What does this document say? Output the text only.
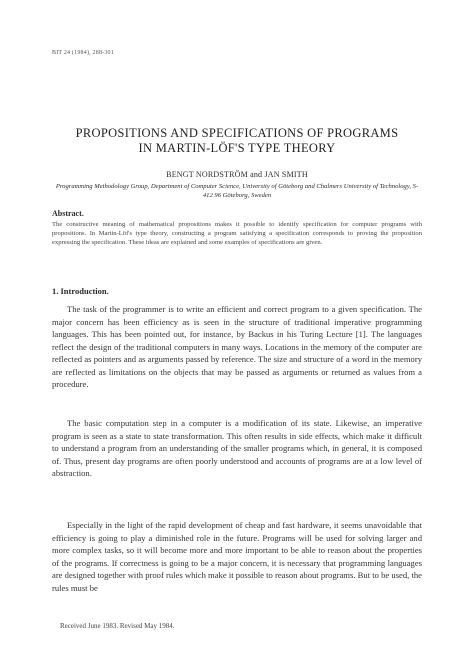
BIT 24 (1984), 288-301
PROPOSITIONS AND SPECIFICATIONS OF PROGRAMS
IN MARTIN-LÖF'S TYPE THEORY
BENGT NORDSTRÖM and JAN SMITH
Programming Methodology Group, Department of Computer Science, University of Göteborg and Chalmers University of Technology, S-412 96 Göteborg, Sweden
Abstract.
The constructive meaning of mathematical propositions makes it possible to identify specification for computer programs with propositions. In Martin-Löf's type theory, constructing a program satisfying a specification corresponds to proving the proposition expressing the specification. These ideas are explained and some examples of specifications are given.
1. Introduction.
The task of the programmer is to write an efficient and correct program to a given specification. The major concern has been efficiency as is seen in the structure of traditional imperative programming languages. This has been pointed out, for instance, by Backus in his Turing Lecture [1]. The languages reflect the design of the traditional computers in many ways. Locations in the memory of the computer are reflected as pointers and as arguments passed by reference. The size and structure of a word in the memory are reflected as limitations on the objects that may be passed as arguments or returned as values from a procedure.
The basic computation step in a computer is a modification of its state. Likewise, an imperative program is seen as a state to state transformation. This often results in side effects, which make it difficult to understand a program from an understanding of the smaller programs which, in general, it is composed of. Thus, present day programs are often poorly understood and accounts of programs are at a low level of abstraction.
Especially in the light of the rapid development of cheap and fast hardware, it seems unavoidable that efficiency is going to play a diminished role in the future. Programs will be used for solving larger and more complex tasks, so it will become more and more important to be able to reason about the properties of the programs. If correctness is going to be a major concern, it is necessary that programming languages are designed together with proof rules which make it possible to reason about programs. But to be used, the rules must be
Received June 1983. Revised May 1984.
